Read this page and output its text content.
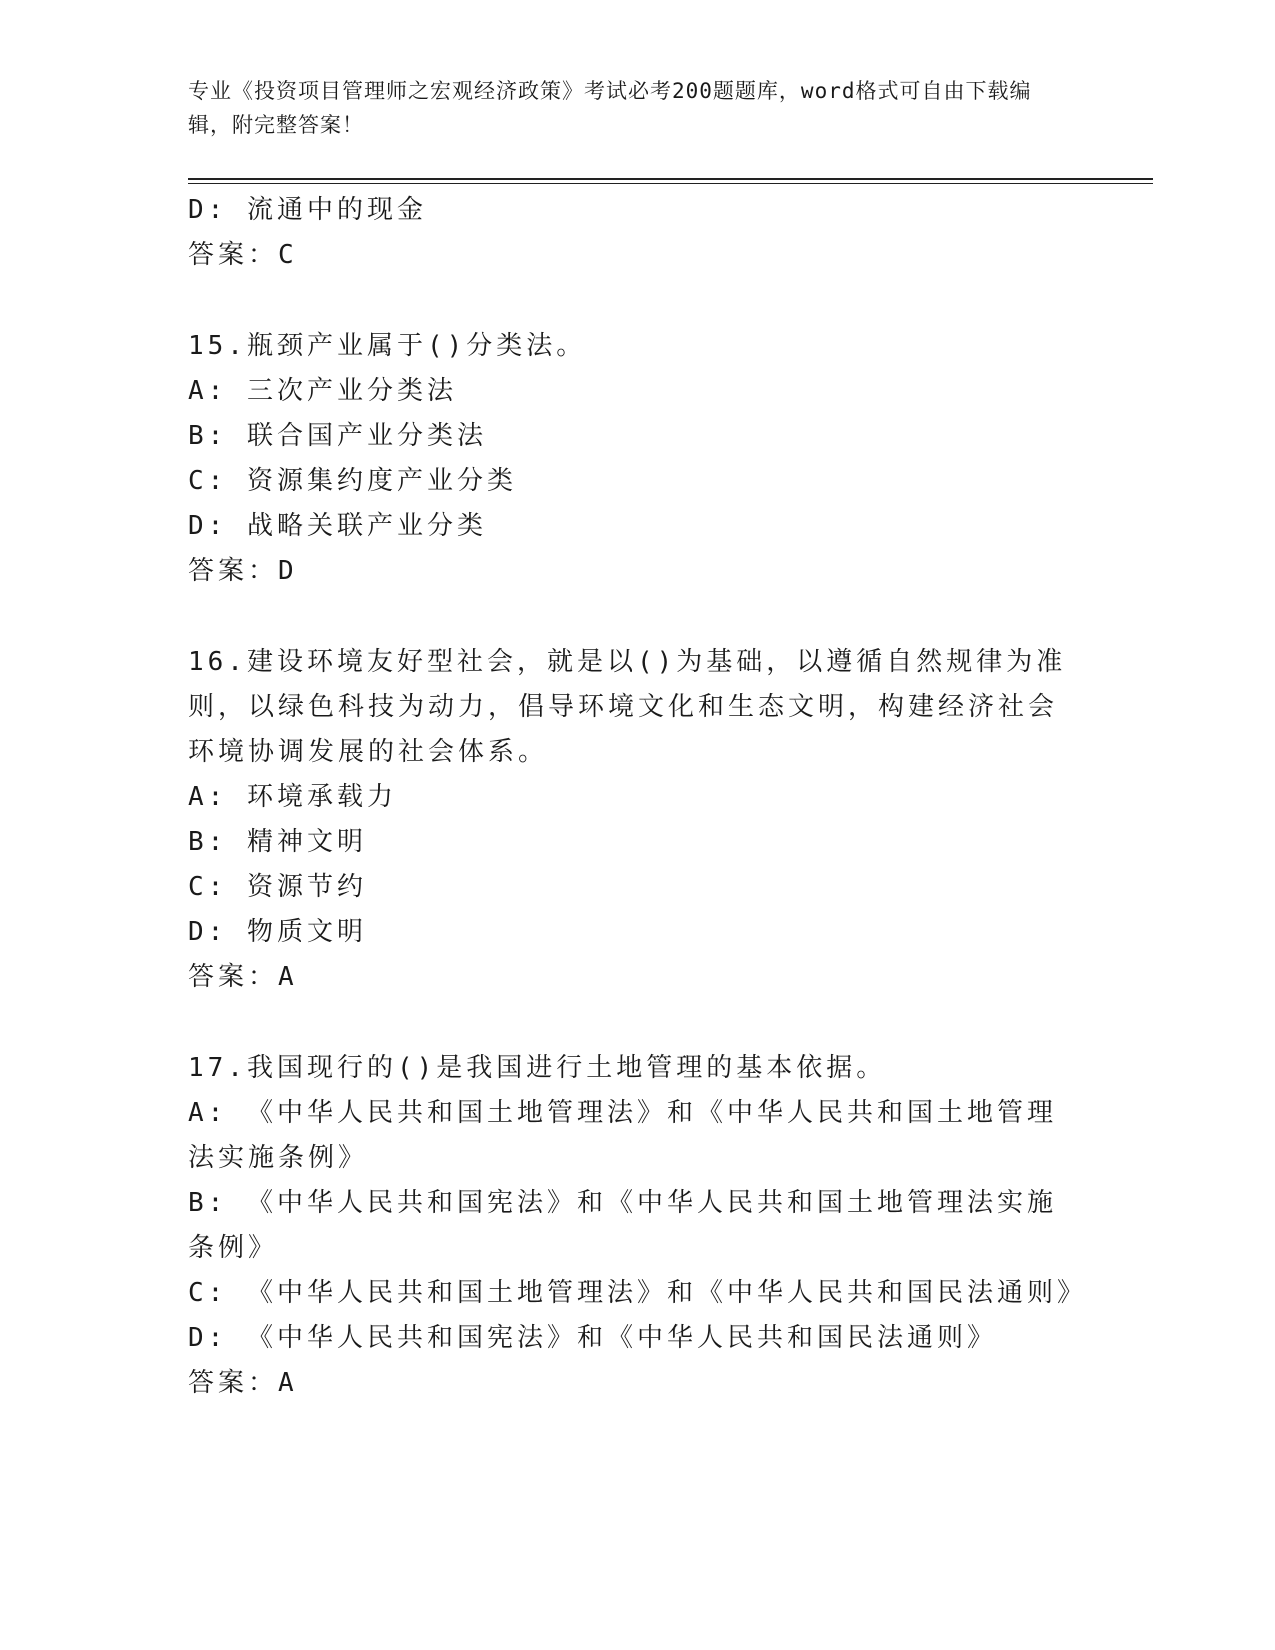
专业《投资项目管理师之宏观经济政策》考试必考200题题库，word格式可自由下载编辑，附完整答案！
D: 流通中的现金
答案：C
15.瓶颈产业属于()分类法。
A: 三次产业分类法
B: 联合国产业分类法
C: 资源集约度产业分类
D: 战略关联产业分类
答案：D
16.建设环境友好型社会，就是以()为基础，以遵循自然规律为准则，以绿色科技为动力，倡导环境文化和生态文明，构建经济社会环境协调发展的社会体系。
A: 环境承载力
B: 精神文明
C: 资源节约
D: 物质文明
答案：A
17.我国现行的()是我国进行土地管理的基本依据。
A: 《中华人民共和国土地管理法》和《中华人民共和国土地管理法实施条例》
B: 《中华人民共和国宪法》和《中华人民共和国土地管理法实施条例》
C: 《中华人民共和国土地管理法》和《中华人民共和国民法通则》
D: 《中华人民共和国宪法》和《中华人民共和国民法通则》
答案：A
